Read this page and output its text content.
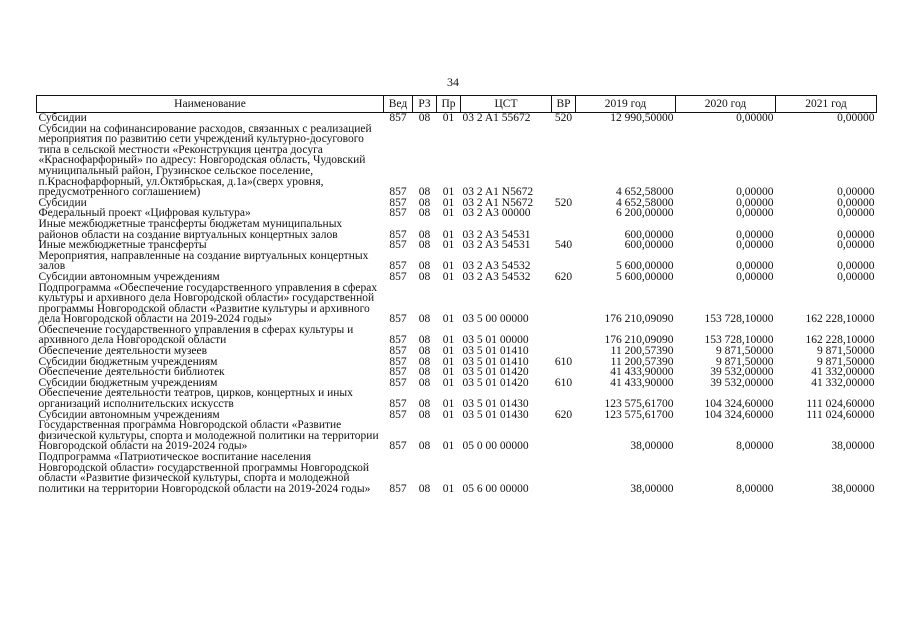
34
Наименование	Вед	РЗ	Пр	ЦСТ	ВР	2019 год	2020 год	2021 год
Субсидии	857	08	01	03 2 A1 55672	520	12 990,50000	0,00000	0,00000
Субсидии на софинансирование расходов, связанных с реализацией мероприятия по развитию сети учреждений культурно-досугового типа в сельской местности «Реконструкция центра досуга «Краснофарфорный» по адресу: Новгородская область, Чудовский муниципальный район, Грузинское сельское поселение, п.Краснофарфорный, ул.Октябрьская, д.1а»(сверх уровня, предусмотренного соглашением)	857	08	01	03 2 A1 N5672		4 652,58000	0,00000	0,00000
Субсидии	857	08	01	03 2 A1 N5672	520	4 652,58000	0,00000	0,00000
Федеральный проект «Цифровая культура»	857	08	01	03 2 A3 00000		6 200,00000	0,00000	0,00000
Иные межбюджетные трансферты бюджетам муниципальных районов области на создание виртуальных концертных залов	857	08	01	03 2 A3 54531		600,00000	0,00000	0,00000
Иные межбюджетные трансферты	857	08	01	03 2 A3 54531	540	600,00000	0,00000	0,00000
Мероприятия, направленные на создание виртуальных концертных залов	857	08	01	03 2 A3 54532		5 600,00000	0,00000	0,00000
Субсидии автономным учреждениям	857	08	01	03 2 A3 54532	620	5 600,00000	0,00000	0,00000
Подпрограмма «Обеспечение государственного управления в сферах культуры и архивного дела Новгородской области» государственной программы Новгородской области «Развитие культуры и архивного дела Новгородской области на 2019-2024 годы»	857	08	01	03 5 00 00000		176 210,09090	153 728,10000	162 228,10000
Обеспечение государственного управления в сферах культуры и архивного дела Новгородской области	857	08	01	03 5 01 00000		176 210,09090	153 728,10000	162 228,10000
Обеспечение деятельности музеев	857	08	01	03 5 01 01410		11 200,57390	9 871,50000	9 871,50000
Субсидии бюджетным учреждениям	857	08	01	03 5 01 01410	610	11 200,57390	9 871,50000	9 871,50000
Обеспечение деятельности библиотек	857	08	01	03 5 01 01420		41 433,90000	39 532,00000	41 332,00000
Субсидии бюджетным учреждениям	857	08	01	03 5 01 01420	610	41 433,90000	39 532,00000	41 332,00000
Обеспечение деятельности театров, цирков, концертных и иных организаций исполнительских искусств	857	08	01	03 5 01 01430		123 575,61700	104 324,60000	111 024,60000
Субсидии автономным учреждениям	857	08	01	03 5 01 01430	620	123 575,61700	104 324,60000	111 024,60000
Государственная программа Новгородской области «Развитие физической культуры, спорта и молодежной политики на территории Новгородской области на 2019-2024 годы»	857	08	01	05 0 00 00000		38,00000	8,00000	38,00000
Подпрограмма «Патриотическое воспитание населения Новгородской области» государственной программы Новгородской области «Развитие физической культуры, спорта и молодежной политики на территории Новгородской области на 2019-2024 годы»	857	08	01	05 6 00 00000		38,00000	8,00000	38,00000
